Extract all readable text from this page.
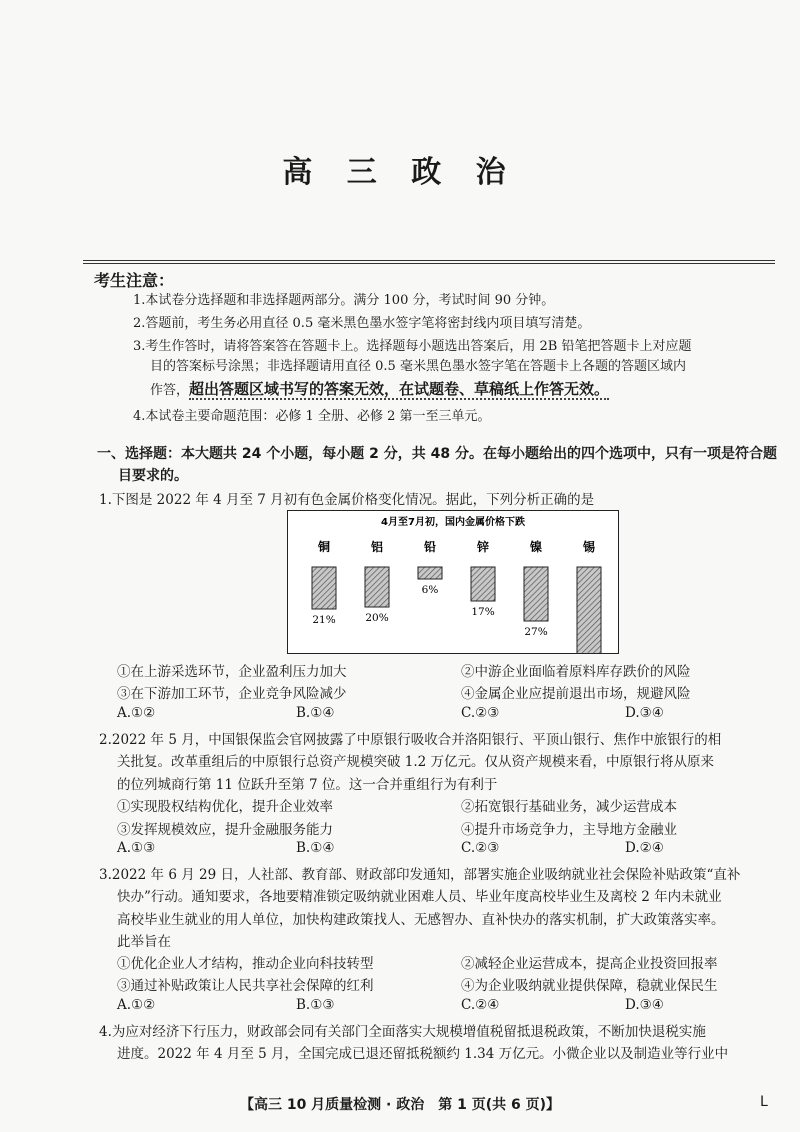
高 三 政 治
考生注意：
1.本试卷分选择题和非选择题两部分。满分 100 分，考试时间 90 分钟。
2.答题前，考生务必用直径 0.5 毫米黑色墨水签字笔将密封线内项目填写清楚。
3.考生作答时，请将答案答在答题卡上。选择题每小题选出答案后，用 2B 铅笔把答题卡上对应题
目的答案标号涂黑；非选择题请用直径 0.5 毫米黑色墨水签字笔在答题卡上各题的答题区域内
作答，超出答题区域书写的答案无效，在试题卷、草稿纸上作答无效。
4.本试卷主要命题范围：必修 1 全册、必修 2 第一至三单元。
一、选择题：本大题共 24 个小题，每小题 2 分，共 48 分。在每小题给出的四个选项中，只有一项是符合题
目要求的。
1.下图是 2022 年 4 月至 7 月初有色金属价格变化情况。据此，下列分析正确的是
4月至7月初，国内金属价格下跌
铜
21%
铝
20%
铅
6%
锌
17%
镍
27%
锡
①在上游采选环节，企业盈利压力加大	②中游企业面临着原料库存跌价的风险
③在下游加工环节，企业竞争风险减少	④金属企业应提前退出市场，规避风险
A.①②	B.①④	C.②③	D.③④
2.2022 年 5 月，中国银保监会官网披露了中原银行吸收合并洛阳银行、平顶山银行、焦作中旅银行的相
关批复。改革重组后的中原银行总资产规模突破 1.2 万亿元。仅从资产规模来看，中原银行将从原来
的位列城商行第 11 位跃升至第 7 位。这一合并重组行为有利于
①实现股权结构优化，提升企业效率	②拓宽银行基础业务，减少运营成本
③发挥规模效应，提升金融服务能力	④提升市场竞争力，主导地方金融业
A.①③	B.①④	C.②③	D.②④
3.2022 年 6 月 29 日，人社部、教育部、财政部印发通知，部署实施企业吸纳就业社会保险补贴政策“直补
快办”行动。通知要求，各地要精准锁定吸纳就业困难人员、毕业年度高校毕业生及离校 2 年内未就业
高校毕业生就业的用人单位，加快构建政策找人、无感智办、直补快办的落实机制，扩大政策落实率。
此举旨在
①优化企业人才结构，推动企业向科技转型	②减轻企业运营成本，提高企业投资回报率
③通过补贴政策让人民共享社会保障的红利	④为企业吸纳就业提供保障，稳就业保民生
A.①②	B.①③	C.②④	D.③④
4.为应对经济下行压力，财政部会同有关部门全面落实大规模增值税留抵退税政策，不断加快退税实施
进度。2022 年 4 月至 5 月，全国完成已退还留抵税额约 1.34 万亿元。小微企业以及制造业等行业中
【高三 10 月质量检测 · 政治　第 1 页(共 6 页)】	L
